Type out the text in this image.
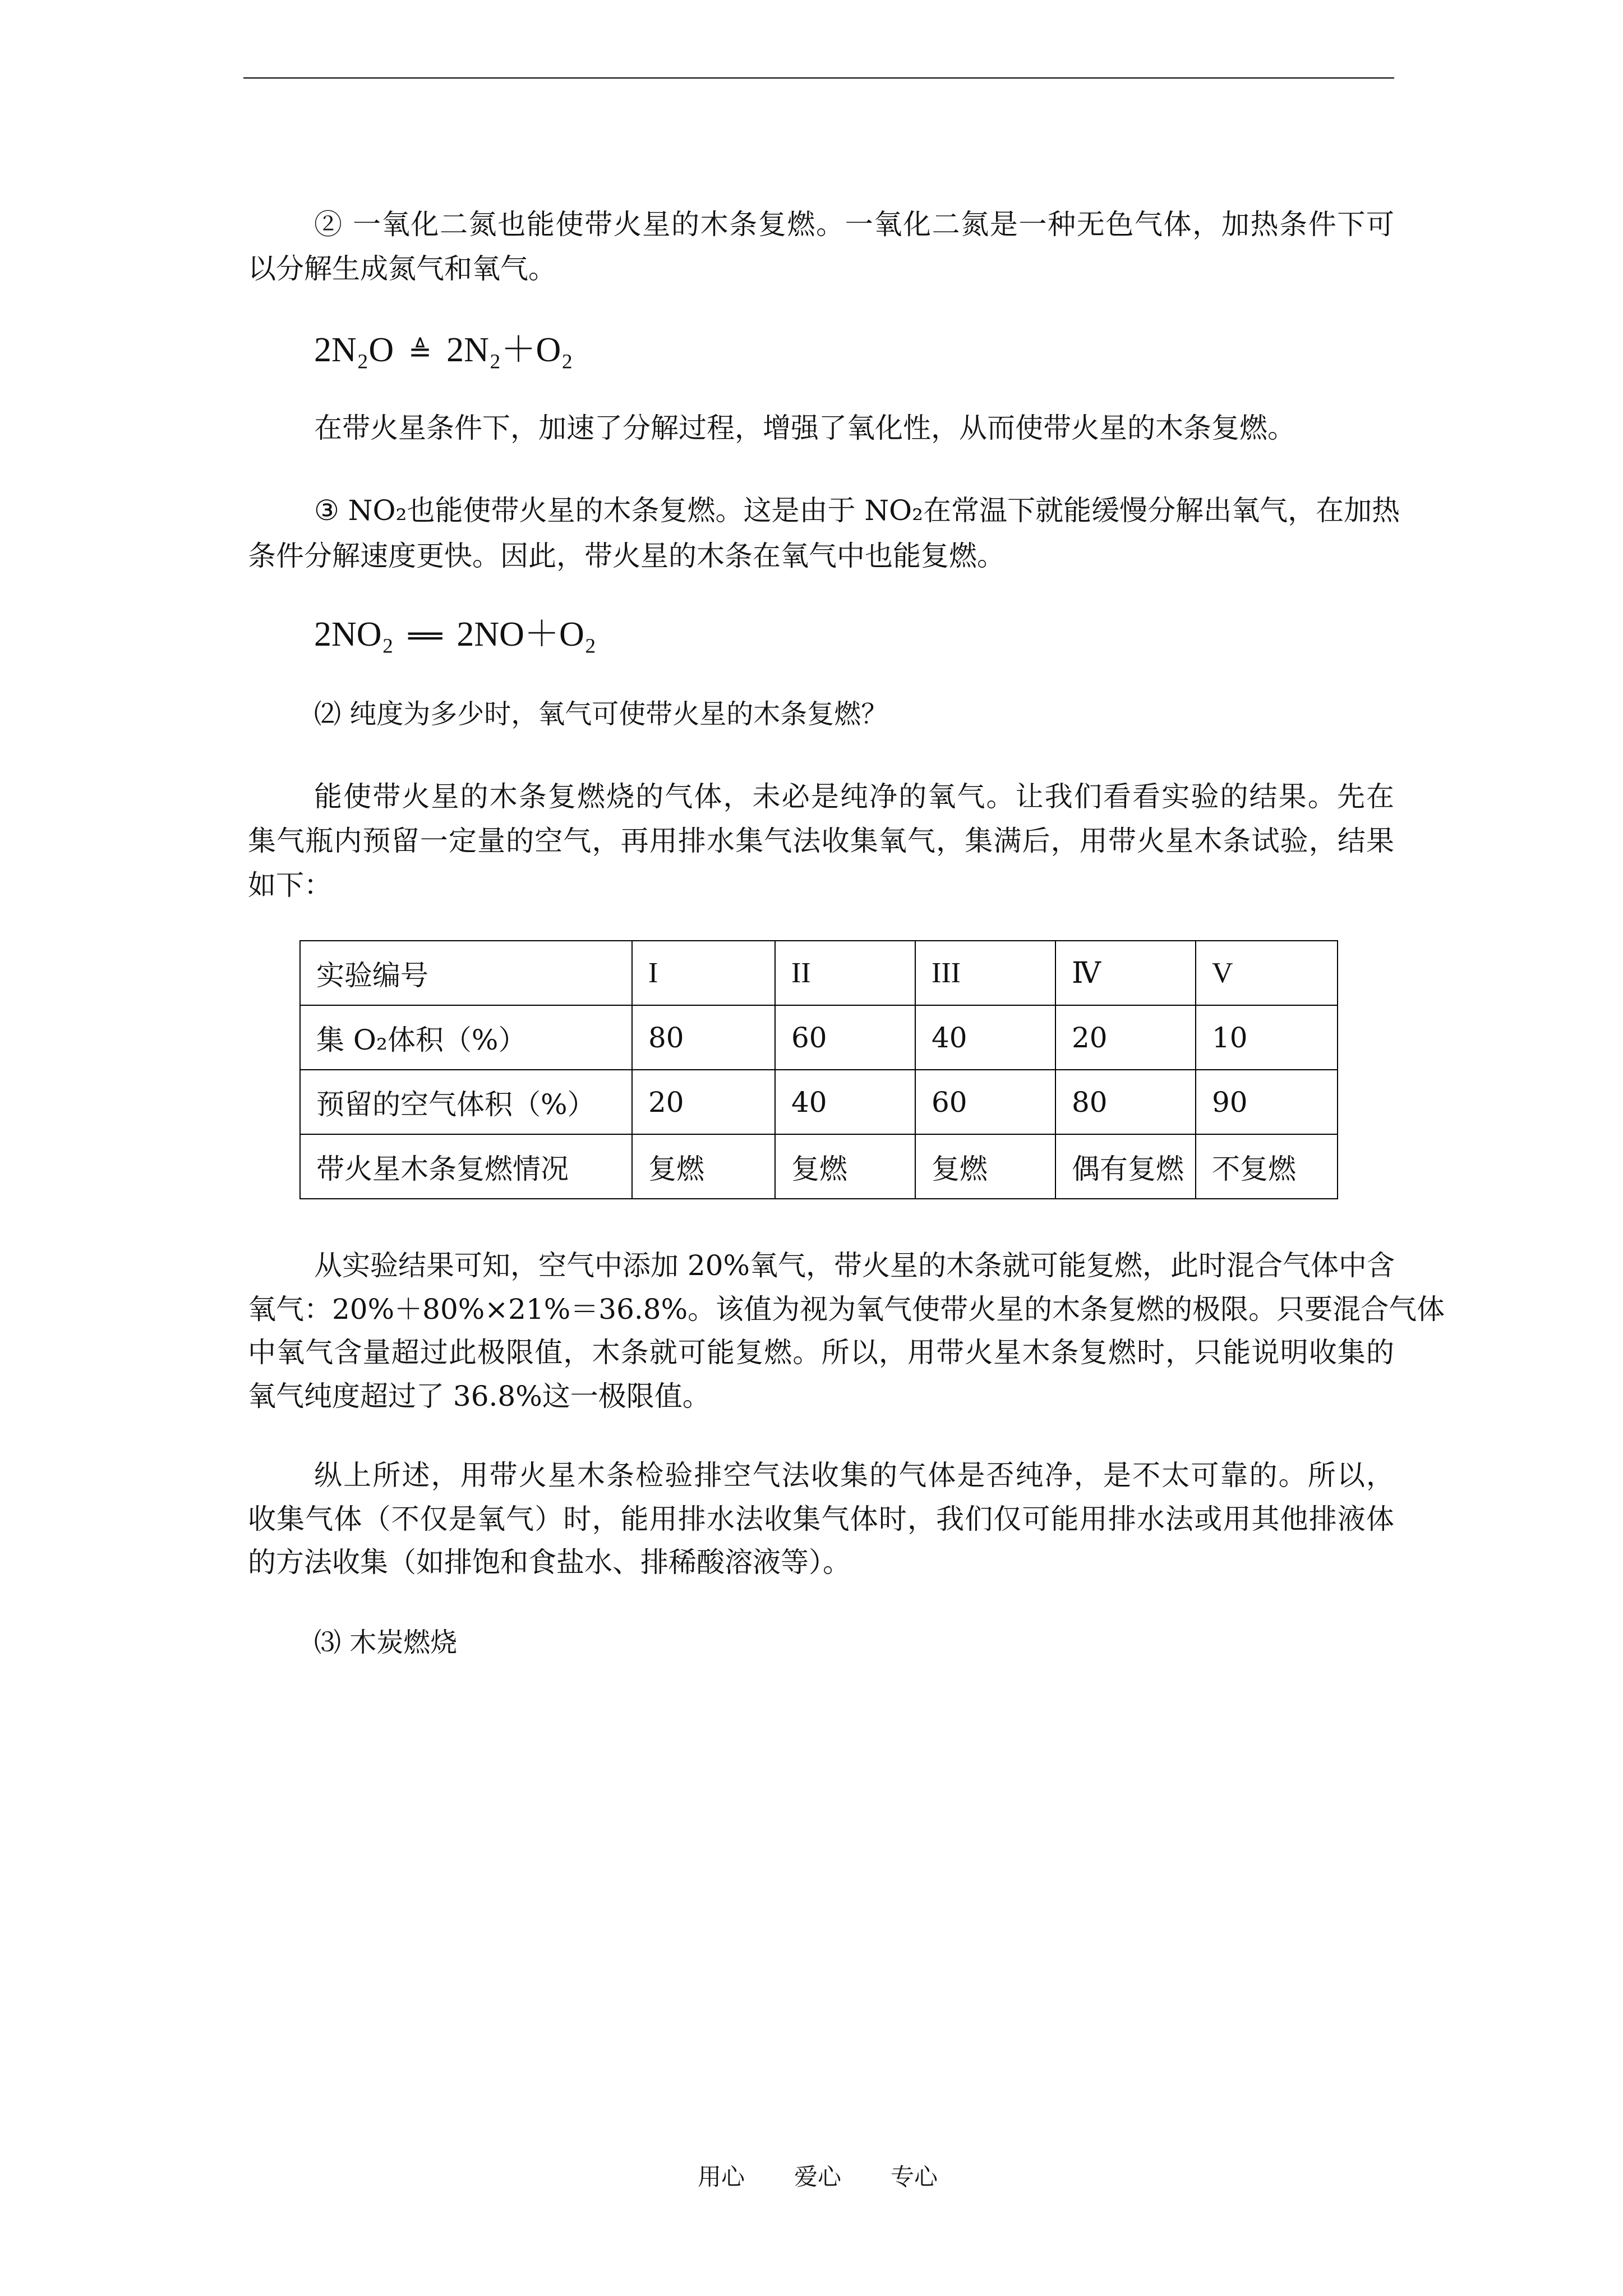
② 一氧化二氮也能使带火星的木条复燃。一氧化二氮是一种无色气体，加热条件下可
以分解生成氮气和氧气。
2N₂O ≜ 2N₂＋O₂
在带火星条件下，加速了分解过程，增强了氧化性，从而使带火星的木条复燃。
③ NO₂也能使带火星的木条复燃。这是由于 NO₂在常温下就能缓慢分解出氧气，在加热
条件分解速度更快。因此，带火星的木条在氧气中也能复燃。
2NO₂ ══ 2NO＋O₂
⑵ 纯度为多少时，氧气可使带火星的木条复燃？
能使带火星的木条复燃烧的气体，未必是纯净的氧气。让我们看看实验的结果。先在
集气瓶内预留一定量的空气，再用排水集气法收集氧气，集满后，用带火星木条试验，结果
如下：
实验编号	I	II	III	Ⅳ	V
集 O₂体积（%）	80	60	40	20	10
预留的空气体积（%）	20	40	60	80	90
带火星木条复燃情况	复燃	复燃	复燃	偶有复燃	不复燃
从实验结果可知，空气中添加 20%氧气，带火星的木条就可能复燃，此时混合气体中含
氧气：20%＋80%×21%＝36.8%。该值为视为氧气使带火星的木条复燃的极限。只要混合气体
中氧气含量超过此极限值，木条就可能复燃。所以，用带火星木条复燃时，只能说明收集的
氧气纯度超过了 36.8%这一极限值。
纵上所述，用带火星木条检验排空气法收集的气体是否纯净，是不太可靠的。所以，
收集气体（不仅是氧气）时，能用排水法收集气体时，我们仅可能用排水法或用其他排液体
的方法收集（如排饱和食盐水、排稀酸溶液等）。
⑶ 木炭燃烧
用心 爱心 专心
